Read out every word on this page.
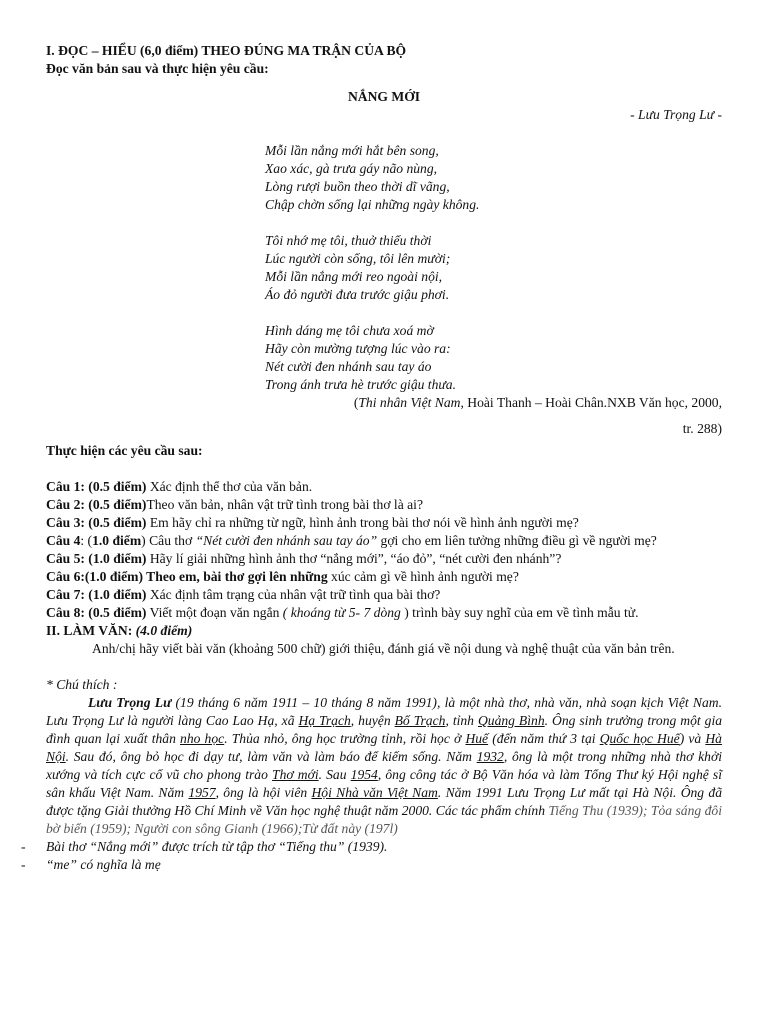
I. ĐỌC – HIỂU (6,0 điểm) THEO ĐÚNG MA TRẬN CỦA BỘ

Đọc văn bản sau và thực hiện yêu cầu:

NẮNG MỚI

- Lưu Trọng Lư -

Mỗi lần nắng mới hắt bên song,

Xao xác, gà trưa gáy não nùng,

Lòng rượi buồn theo thời dĩ vãng,

Chập chờn sống lại những ngày không.

Tôi nhớ mẹ tôi, thuở thiếu thời

Lúc người còn sống, tôi lên mười;

Mỗi lần nắng mới reo ngoài nội,

Áo đỏ người đưa trước giậu phơi.

Hình dáng mẹ tôi chưa xoá mờ

Hãy còn mường tượng lúc vào ra:

Nét cười đen nhánh sau tay áo

Trong ánh trưa hè trước giậu thưa.

(Thi nhân Việt Nam, Hoài Thanh – Hoài Chân.NXB Văn học, 2000,

tr. 288)

Thực hiện các yêu cầu sau:

Câu 1: (0.5 điểm) Xác định thể thơ của văn bản.

Câu 2: (0.5 điểm)Theo văn bản, nhân vật trữ tình trong bài thơ là ai?

Câu 3: (0.5 điểm) Em hãy chỉ ra những từ ngữ, hình ảnh trong bài thơ nói về hình ảnh người mẹ?

Câu 4: (1.0 điểm) Câu thơ “Nét cười đen nhánh sau tay áo” gợi cho em liên tưởng những điều gì về người mẹ?

Câu 5: (1.0 điểm) Hãy lí giải những hình ảnh thơ “nắng mới”, “áo đỏ”, “nét cười đen nhánh”?

Câu 6:(1.0 điểm) Theo em, bài thơ gợi lên những xúc cảm gì về hình ảnh người mẹ?

Câu 7: (1.0 điểm) Xác định tâm trạng của nhân vật trữ tình qua bài thơ?

Câu 8: (0.5 điểm) Viết một đoạn văn ngắn ( khoáng từ 5- 7 dòng ) trình bày suy nghĩ của em về tình mẫu tử.

II. LÀM VĂN: (4.0 điểm)

Anh/chị hãy viết bài văn (khoảng 500 chữ) giới thiệu, đánh giá về nội dung và nghệ thuật của văn bản trên.

* Chú thích :

Lưu Trọng Lư (19 tháng 6 năm 1911 – 10 tháng 8 năm 1991), là một nhà thơ, nhà văn, nhà soạn kịch Việt Nam. Lưu Trọng Lư là người làng Cao Lao Hạ, xã Hạ Trạch, huyện Bố Trạch, tỉnh Quảng Bình. Ông sinh trưởng trong một gia đình quan lại xuất thân nho học. Thủa nhỏ, ông học trường tỉnh, rồi học ở Huế (đến năm thứ 3 tại Quốc học Huế) và Hà Nội. Sau đó, ông bỏ học đi dạy tư, làm văn và làm báo để kiếm sống. Năm 1932, ông là một trong những nhà thơ khởi xướng và tích cực cổ vũ cho phong trào Thơ mới. Sau 1954, ông công tác ở Bộ Văn hóa và làm Tổng Thư ký Hội nghệ sĩ sân khấu Việt Nam. Năm 1957, ông là hội viên Hội Nhà văn Việt Nam. Năm 1991 Lưu Trọng Lư mất tại Hà Nội. Ông đã được tặng Giải thưởng Hồ Chí Minh về Văn học nghệ thuật năm 2000. Các tác phẩm chính Tiếng Thu (1939); Tỏa sáng đôi bờ biển (1959); Người con sông Gianh (1966);Từ đất này (197l)

- Bài thơ “Nắng mới” được trích từ tập thơ “Tiếng thu” (1939).

- “me” có nghĩa là mẹ
